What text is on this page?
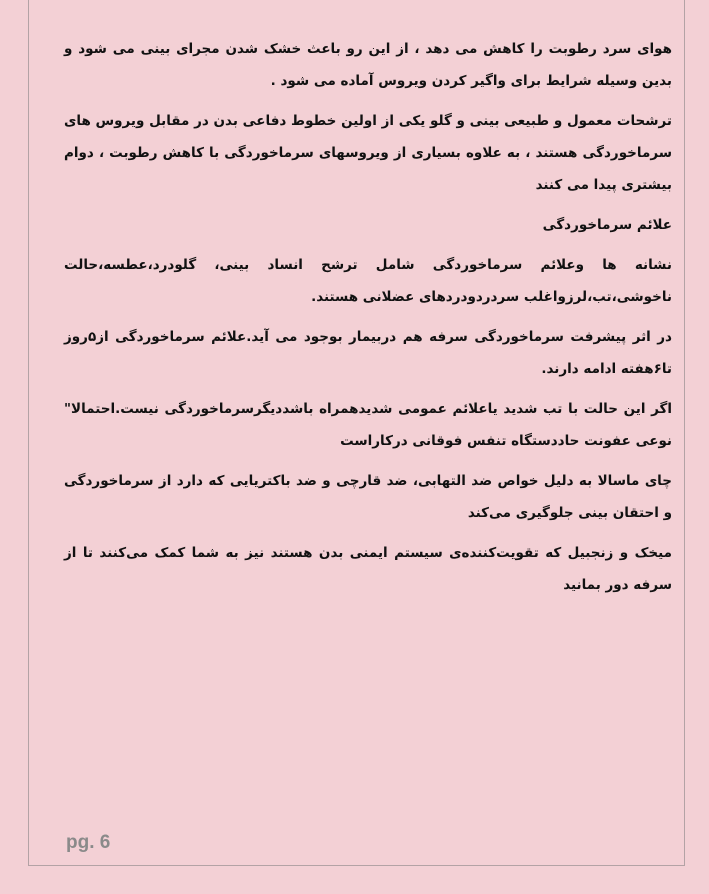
هوای سرد رطوبت را کاهش می دهد ، از این رو باعث خشک شدن مجرای بینی می شود و بدین وسیله شرایط برای واگیر کردن ویروس آماده می شود .

ترشحات معمول و طبیعی بینی و گلو یکی از اولین خطوط دفاعی بدن در مقابل ویروس های سرماخوردگی هستند ، به علاوه بسیاری از ویروسهای سرماخوردگی با کاهش رطوبت ، دوام بیشتری پیدا می کنند

علائم سرماخوردگی

نشانه ها وعلائم سرماخوردگی شامل ترشح انساد بینی، گلودرد،عطسه،حالت ناخوشی،تب،لرزواغلب سردردودردهای عضلانی هستند.

در اثر پیشرفت سرماخوردگی سرفه هم دربیمار بوجود می آید.علائم سرماخوردگی از۵روز تا۶هفته ادامه دارند.

اگر این حالت با تب شدید یاعلائم عمومی شدیدهمراه باشددیگرسرماخوردگی نیست.احتمالا" نوعی عفونت حاددستگاه تنفس فوقانی درکاراست

چای ماسالا به دلیل خواص ضد التهابی، ضد قارچی و ضد باکتریایی که دارد از سرماخوردگی و احتقان بینی جلوگیری می‌کند

میخک و زنجبیل که تقویت‌کننده‌ی سیستم ایمنی بدن هستند نیز به شما کمک می‌کنند تا از سرفه دور بمانید

pg. 6
